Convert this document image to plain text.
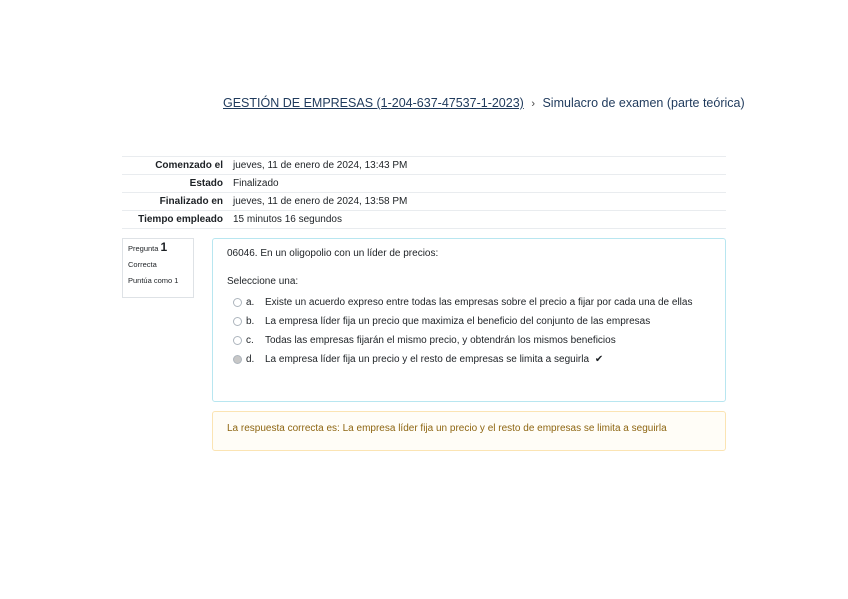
GESTIÓN DE EMPRESAS (1-204-637-47537-1-2023) › Simulacro de examen (parte teórica)
Comenzado el	jueves, 11 de enero de 2024, 13:43 PM
Estado	Finalizado
Finalizado en	jueves, 11 de enero de 2024, 13:58 PM
Tiempo empleado	15 minutos 16 segundos
Pregunta 1
Correcta
Puntúa como 1

06046. En un oligopolio con un líder de precios:

Seleccione una:

a. Existe un acuerdo expreso entre todas las empresas sobre el precio a fijar por cada una de ellas
b. La empresa líder fija un precio que maximiza el beneficio del conjunto de las empresas
c. Todas las empresas fijarán el mismo precio, y obtendrán los mismos beneficios
d. La empresa líder fija un precio y el resto de empresas se limita a seguirla ✔
La respuesta correcta es: La empresa líder fija un precio y el resto de empresas se limita a seguirla
